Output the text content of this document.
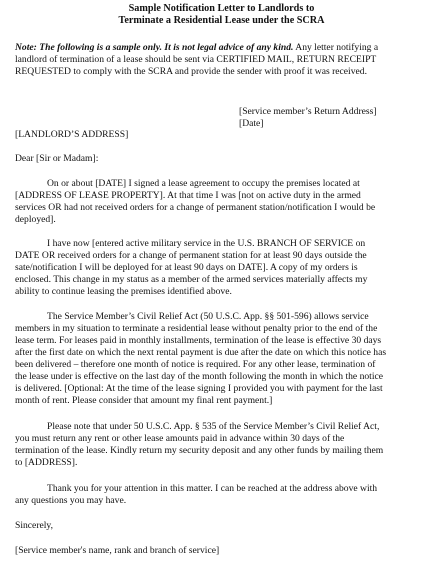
Sample Notification Letter to Landlords to
Terminate a Residential Lease under the SCRA
Note: The following is a sample only. It is not legal advice of any kind. Any letter notifying a
landlord of termination of a lease should be sent via CERTIFIED MAIL, RETURN RECEIPT
REQUESTED to comply with the SCRA and provide the sender with proof it was received.
[Service member’s Return Address]
[Date]
[LANDLORD’S ADDRESS]
Dear [Sir or Madam]:
On or about [DATE] I signed a lease agreement to occupy the premises located at
[ADDRESS OF LEASE PROPERTY]. At that time I was [not on active duty in the armed
services OR had not received orders for a change of permanent station/notification I would be
deployed].
I have now [entered active military service in the U.S. BRANCH OF SERVICE on
DATE OR received orders for a change of permanent station for at least 90 days outside the
sate/notification I will be deployed for at least 90 days on DATE]. A copy of my orders is
enclosed. This change in my status as a member of the armed services materially affects my
ability to continue leasing the premises identified above.
The Service Member’s Civil Relief Act (50 U.S.C. App. §§ 501-596) allows service
members in my situation to terminate a residential lease without penalty prior to the end of the
lease term. For leases paid in monthly installments, termination of the lease is effective 30 days
after the first date on which the next rental payment is due after the date on which this notice has
been delivered – therefore one month of notice is required. For any other lease, termination of
the lease under is effective on the last day of the month following the month in which the notice
is delivered. [Optional: At the time of the lease signing I provided you with payment for the last
month of rent. Please consider that amount my final rent payment.]
Please note that under 50 U.S.C. App. § 535 of the Service Member’s Civil Relief Act,
you must return any rent or other lease amounts paid in advance within 30 days of the
termination of the lease. Kindly return my security deposit and any other funds by mailing them
to [ADDRESS].
Thank you for your attention in this matter. I can be reached at the address above with
any questions you may have.
Sincerely,
[Service member's name, rank and branch of service]
